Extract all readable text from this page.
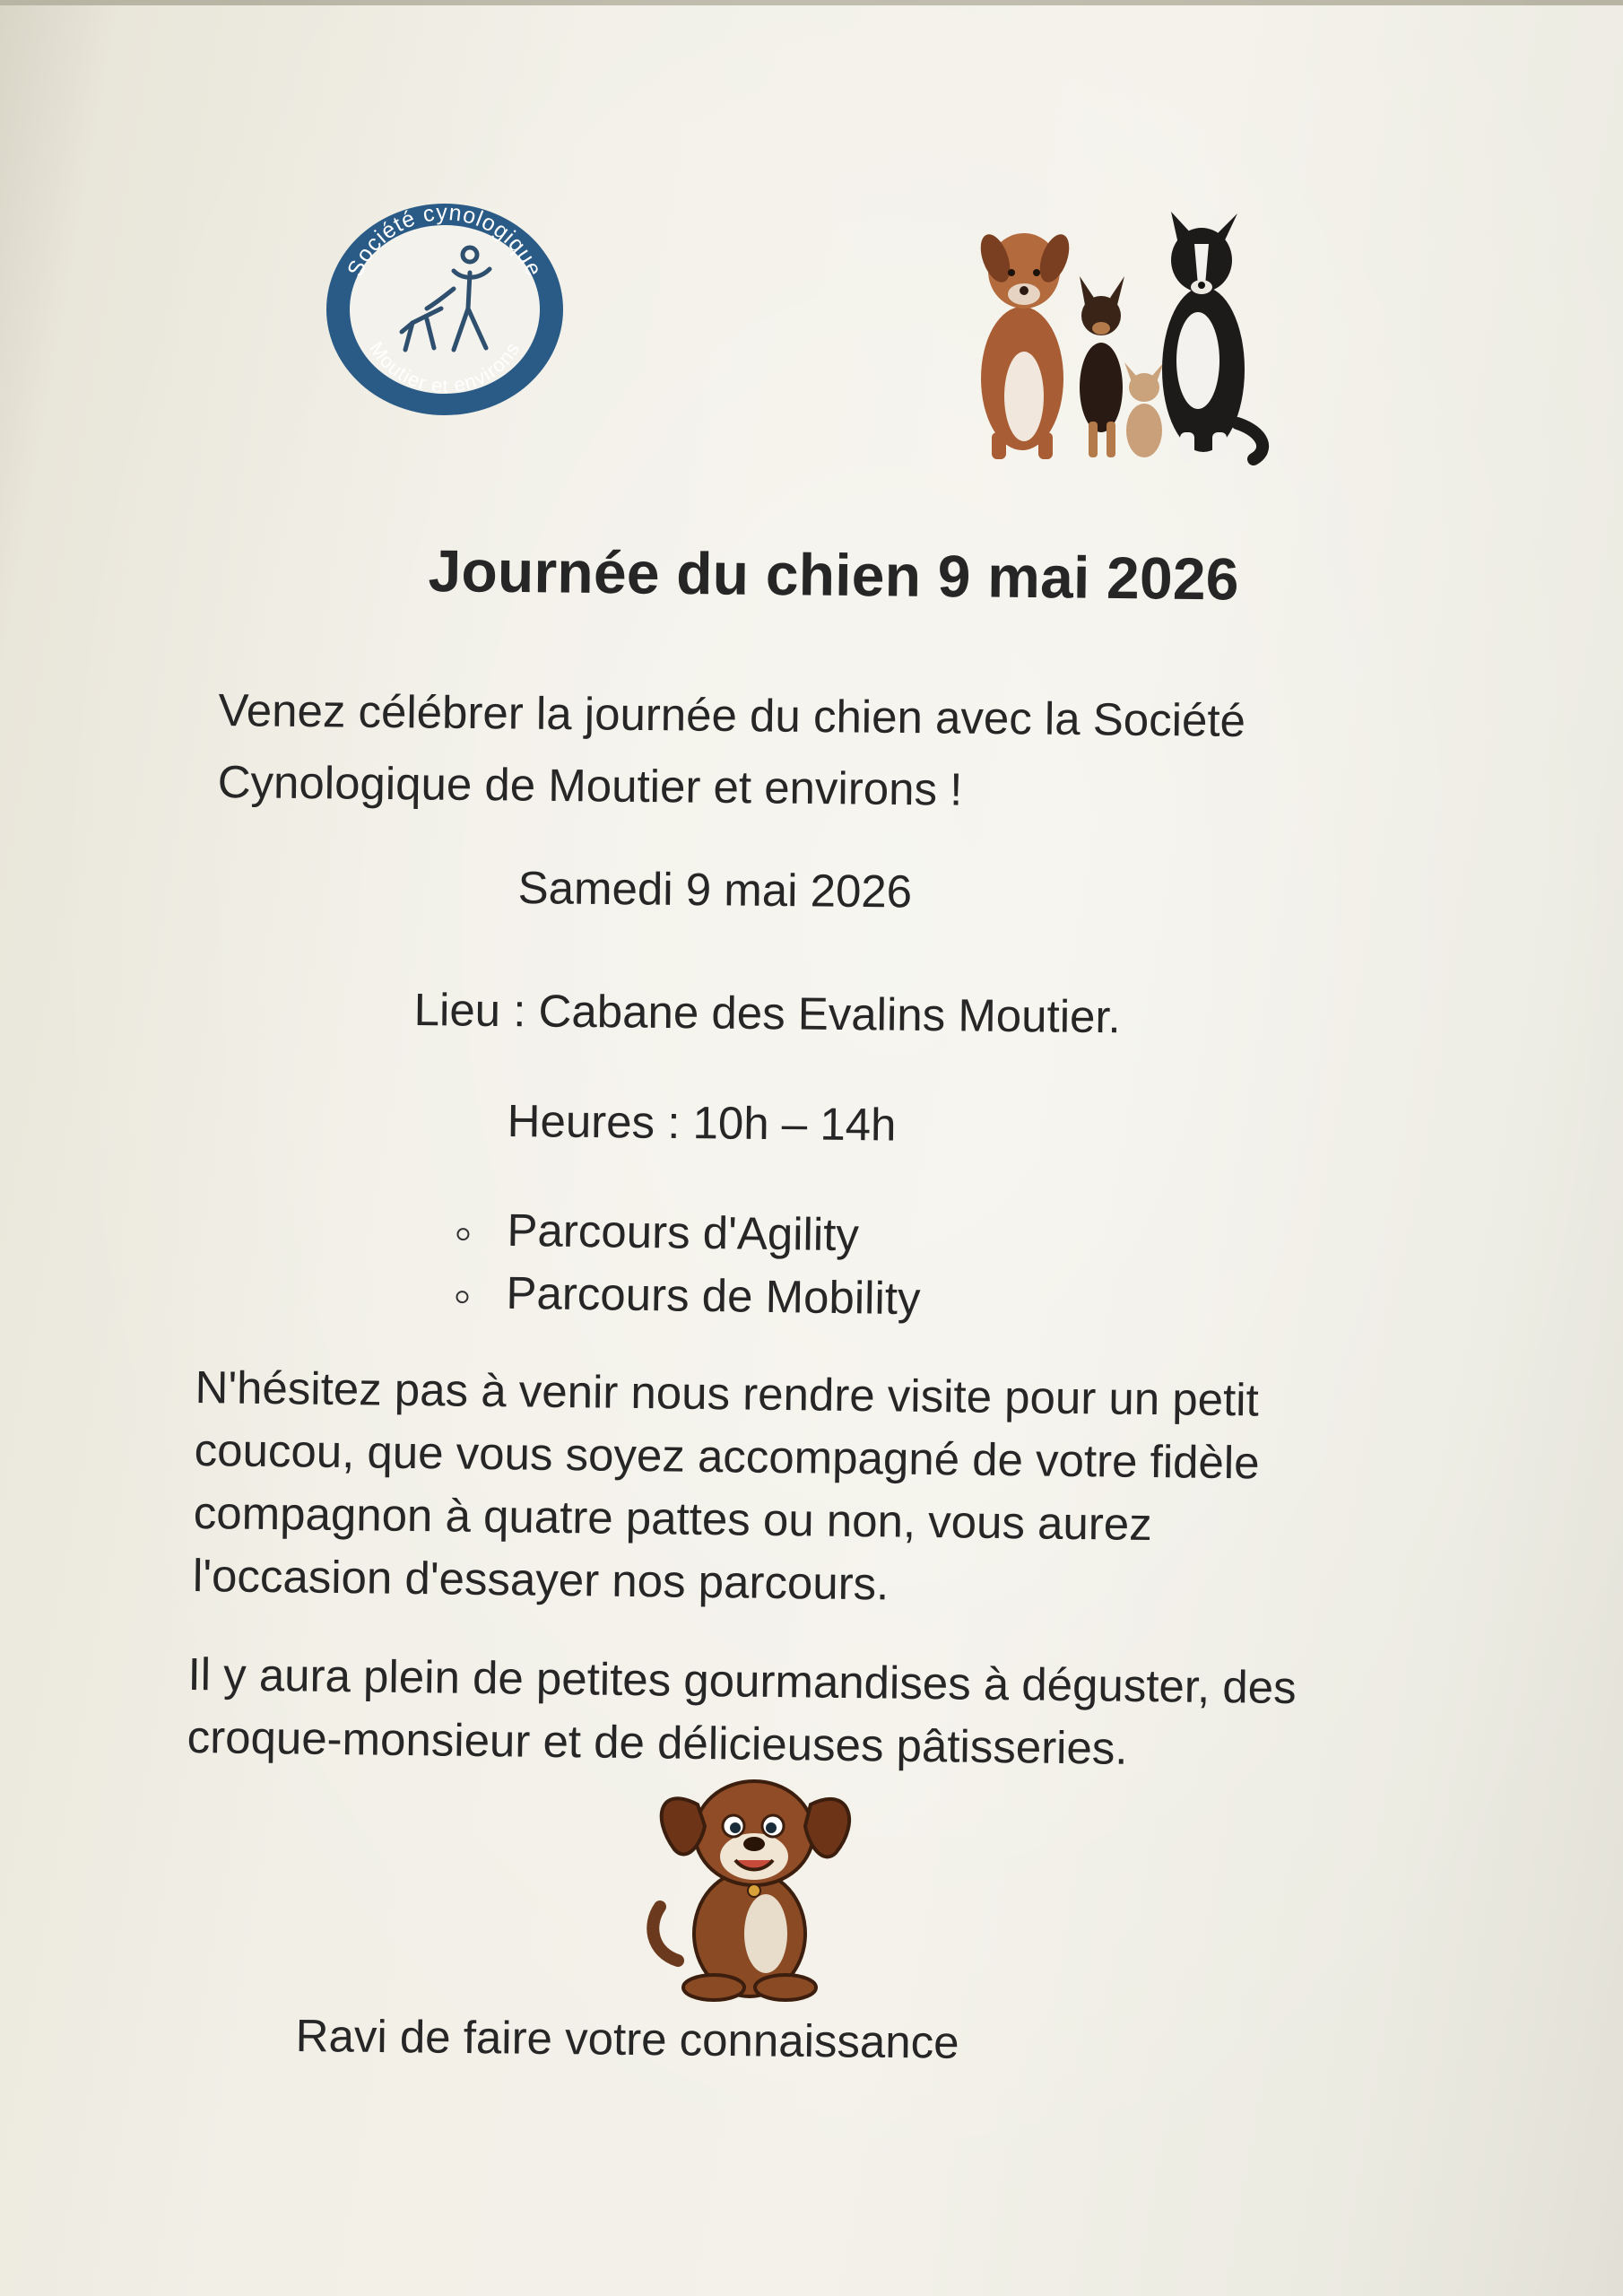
Société cynologique
Moutier et environs
Journée du chien 9 mai 2026
Venez célébrer la journée du chien avec la Société
Cynologique de Moutier et environs !

Samedi 9 mai 2026

Lieu : Cabane des Evalins Moutier.

Heures : 10h – 14h

Parcours d'Agility
Parcours de Mobility
N'hésitez pas à venir nous rendre visite pour un petit
coucou, que vous soyez accompagné de votre fidèle
compagnon à quatre pattes ou non, vous aurez
l'occasion d'essayer nos parcours.
Il y aura plein de petites gourmandises à déguster, des
croque-monsieur et de délicieuses pâtisseries.

Ravi de faire votre connaissance
